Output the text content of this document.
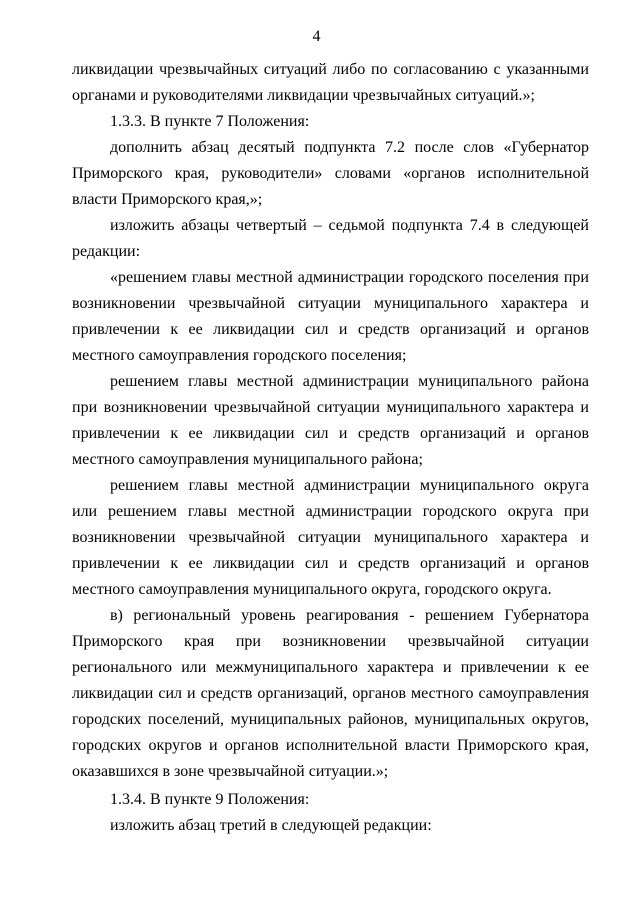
4
ликвидации чрезвычайных ситуаций либо по согласованию с указанными органами и руководителями ликвидации чрезвычайных ситуаций.»;
1.3.3. В пункте 7 Положения:
дополнить абзац десятый подпункта 7.2 после слов «Губернатор Приморского края, руководители» словами «органов исполнительной власти Приморского края,»;
изложить абзацы четвертый – седьмой подпункта 7.4 в следующей редакции:
«решением главы местной администрации городского поселения при возникновении чрезвычайной ситуации муниципального характера и привлечении к ее ликвидации сил и средств организаций и органов местного самоуправления городского поселения;
решением главы местной администрации муниципального района при возникновении чрезвычайной ситуации муниципального характера и привлечении к ее ликвидации сил и средств организаций и органов местного самоуправления муниципального района;
решением главы местной администрации муниципального округа или решением главы местной администрации городского округа при возникновении чрезвычайной ситуации муниципального характера и привлечении к ее ликвидации сил и средств организаций и органов местного самоуправления муниципального округа, городского округа.
в) региональный уровень реагирования - решением Губернатора Приморского края при возникновении чрезвычайной ситуации регионального или межмуниципального характера и привлечении к ее ликвидации сил и средств организаций, органов местного самоуправления городских поселений, муниципальных районов, муниципальных округов, городских округов и органов исполнительной власти Приморского края, оказавшихся в зоне чрезвычайной ситуации.»;
1.3.4. В пункте 9 Положения:
изложить абзац третий в следующей редакции:
